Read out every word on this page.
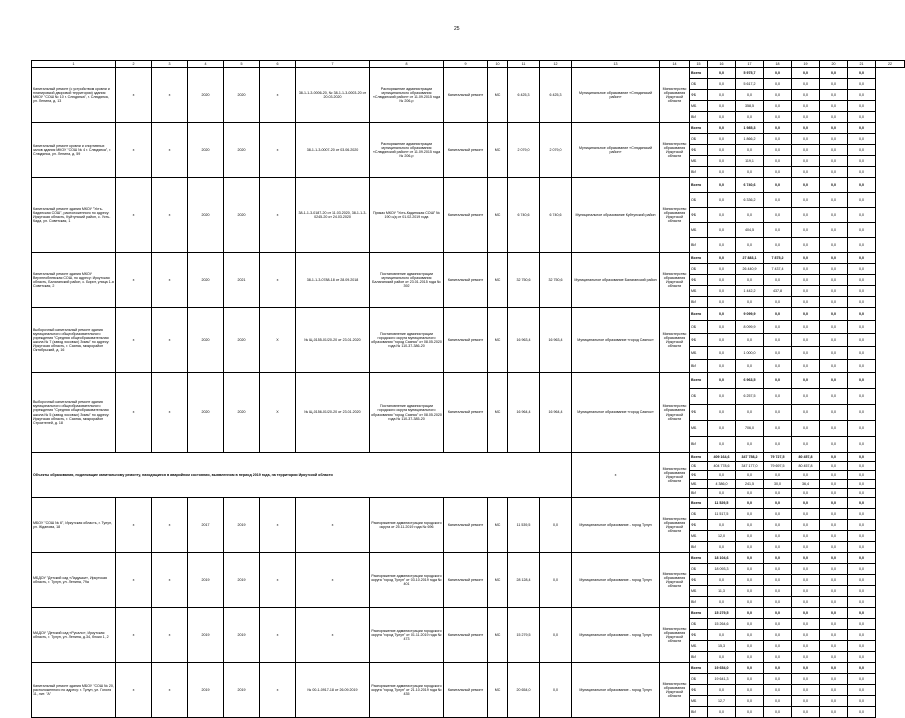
25
1	2	3	4	5	6	7	8	9	10	11	12	13	14	15	16	17	18	19	20	21	22
Капитальный ремонт (с устройством кровли и планировкой дворовой территории) здания МКОУ "СОШ № 10 г. Слюдянка", г. Слюдянка, ул. Ленина, д. 13	x	x	2020	2020	x	38-1-1-3-0006-20, № 38-1-1-3-0003-20 от 20.03.2020	Распоряжение администрации муниципального образования «Слюдянский район» от 11.09.2015 года № 206-р	Капитальный ремонт	МС	6 425,3	6 425,3	Муниципальное образование «Слюдянский район»	Министерство образования Иркутской области	Всего	0,0	5 975,7	0,0	0,0	0,0	0,0	
														ОБ	0,0	5 617,2	0,0	0,0	0,0	0,0	
														ФБ	0,0	0,0	0,0	0,0	0,0	0,0	
														МБ	0,0	358,5	0,0	0,0	0,0	0,0	
														ВИ	0,0	0,0	0,0	0,0	0,0	0,0	
Капитальный ремонт кровли и спортивных залов здания МКОУ "СОШ № 4 г. Слюдянка", г. Слюдянка, ул. Ленина, д. 59	x	x	2020	2020	x	38-1-1-3-0007-20 от 03.06.2020	Распоряжение администрации муниципального образования «Слюдянский район» от 11.09.2015 года № 206-р	Капитальный ремонт	МС	2 079,0	2 079,0	Муниципальное образование «Слюдянский район»	Министерство образования Иркутской области	Всего	0,0	1 985,3	0,0	0,0	0,0	0,0	
														ОБ	0,0	1 866,2	0,0	0,0	0,0	0,0	
														ФБ	0,0	0,0	0,0	0,0	0,0	0,0	
														МБ	0,0	119,1	0,0	0,0	0,0	0,0	
														ВИ	0,0	0,0	0,0	0,0	0,0	0,0	
Капитальный ремонт здания МКОУ "Усть-Кадинская СОШ", расположенного по адресу: Иркутская область, Куйтунский район, с. Усть-Када, ул. Советская, 1	x	x	2020	2020	x	38-1-1-3-0187-20 от 11.03.2020, 38-1-1-3-0245-20 от 24.03.2020	Приказ МКОУ "Усть-Кадинская СОШ" № 190 о/д от 01.02.2019 года	Капитальный ремонт	МС	6 740,6	6 740,6	Муниципальное образование Куйтунский район	Министерство образования Иркутской области	Всего	0,0	6 740,6	0,0	0,0	0,0	0,0	
														ОБ	0,0	6 336,2	0,0	0,0	0,0	0,0	
														ФБ	0,0	0,0	0,0	0,0	0,0	0,0	
														МБ	0,0	404,5	0,0	0,0	0,0	0,0	
														ВИ	0,0	0,0	0,0	0,0	0,0	0,0	
Капитальный ремонт здания МКОУ Верхнеоблевская СОШ, по адресу: Иркутская область, Балаганский район, с. Бирит, улица 1-я Советская, 2	x	x	2020	2021	x	38-1-1-3-0788-18 от 28.09.2018	Постановление администрации муниципального образования Балаганский район от 23.01.2015 года № 392	Капитальный ремонт	МС	32 750,6	32 750,6	Муниципальное образование Балаганский район	Министерство образования Иркутской области	Всего	0,0	27 883,1	7 875,2	0,0	0,0	0,0	
														ОБ	0,0	26 440,9	7 437,4	0,0	0,0	0,0	
														ФБ	0,0	0,0	0,0	0,0	0,0	0,0	
														МБ	0,0	1 442,2	437,8	0,0	0,0	0,0	
														ВИ	0,0	0,0	0,0	0,0	0,0	0,0	
Выборочный капитальный ремонт здания муниципального общеобразовательного учреждения "Средняя общеобразовательная школа № 7 (завод эосовых) Зимы" по адресу: Иркутская область, г. Саянск, микрорайон Октябрьский, д. 16	x	x	2020	2020	X	№ Щ-0155-01/20-20 от 23.01.2020	Постановление администрации городского округа муниципального образования "город Саянск" от 08.05.2020 года № 110-37-386-20	Капитальный ремонт	МС	16 963,4	16 963,4	Муниципальное образование «город Саянск»	Министерство образования Иркутской области	Всего	0,0	9 099,9	0,0	0,0	0,0	0,0	
														ОБ	0,0	8 099,9	0,0	0,0	0,0	0,0	
														ФБ	0,0	0,0	0,0	0,0	0,0	0,0	
														МБ	0,0	1 000,0	0,0	0,0	0,0	0,0	
														ВИ	0,0	0,0	0,0	0,0	0,0	0,0	
Выборочный капитальный ремонт здания муниципального общеобразовательного учреждения "Средняя общеобразовательная школа № 5 (завод эосовых) Зимы" по адресу: Иркутская область, г. Саянск, микрорайон Строителей, д. 18	x	x	2020	2020	X	№ Щ-0156-01/20-20 от 23.01.2020	Постановление администрации городского округа муниципального образования "город Саянск" от 08.05.2020 года № 110-37-385-20	Капитальный ремонт	МС	16 964,4	16 964,4	Муниципальное образование «город Саянск»	Министерство образования Иркутской области	Всего	0,0	6 963,5	0,0	0,0	0,0	0,0	
														ОБ	0,0	6 257,5	0,0	0,0	0,0	0,0	
														ФБ	0,0	0,0	0,0	0,0	0,0	0,0	
														МБ	0,0	706,0	0,0	0,0	0,0	0,0	
														ВИ	0,0	0,0	0,0	0,0	0,0	0,0	
Объекты образования, подлежащие капитальному ремонту, находящиеся в аварийном состоянии, выявленном в период 2019 года, на территории Иркутской области												x	Министерство образования Иркутской области	Всего	409 164,6	347 758,2	79 727,5	80 457,8	0,0	0,0	
														ОБ	404 778,6	347 177,0	79 697,5	80 457,8	0,0	0,0	
														ФБ	0,0	0,0	0,0	0,0	0,0	0,0	
														МБ	4 386,0	241,5	30,0	36,4	0,0	0,0	
														ВИ	0,0	0,0	0,0	0,0	0,0	0,0	
МБОУ "СОШ № 6", Иркутская область, г. Тулун, ул. Жданова, 18	x	x	2017	2019	x	x	Распоряжение администрации городского округа от 25.11.2019 года № 696	Капитальный ремонт	МС	11 539,5	0,0	Муниципальное образование - город Тулун	Министерство образования Иркутской области	Всего	11 529,5	0,0	0,0	0,0	0,0	0,0	
														ОБ	11 517,5	0,0	0,0	0,0	0,0	0,0	
														ФБ	0,0	0,0	0,0	0,0	0,0	0,0	
														МБ	12,0	0,0	0,0	0,0	0,0	0,0	
														ВИ	0,0	0,0	0,0	0,0	0,0	0,0	
МБДОУ "Детский сад «Ладушки», Иркутская область, г. Тулун, ул. Ленина, 79а	x	x	2019	2019	x	x	Распоряжение администрации городского округа "город Тулун" от 03.10.2019 года № 401	Капитальный ремонт	МС	28 128,4	0,0	Муниципальное образование - город Тулун	Министерство образования Иркутской области	Всего	18 104,6	0,0	0,0	0,0	0,0	0,0	
														ОБ	18 093,3	0,0	0,0	0,0	0,0	0,0	
														ФБ	0,0	0,0	0,0	0,0	0,0	0,0	
														МБ	11,3	0,0	0,0	0,0	0,0	0,0	
														ВИ	0,0	0,0	0,0	0,0	0,0	0,0	
МАДОУ "Детский сад «Русало», Иркутская область, г. Тулун, ул. Ленина, д.34, блоки 1, 2	x	x	2019	2019	x	x	Распоряжение администрации городского округа "город Тулун" от 01.11.2019 года № 473	Капитальный ремонт	МС	15 279,5	0,0	Муниципальное образование - город Тулун	Министерство образования Иркутской области	Всего	15 279,5	0,0	0,0	0,0	0,0	0,0	
														ОБ	15 264,6	0,0	0,0	0,0	0,0	0,0	
														ФБ	0,0	0,0	0,0	0,0	0,0	0,0	
														МБ	15,3	0,0	0,0	0,0	0,0	0,0	
														ВИ	0,0	0,0	0,0	0,0	0,0	0,0	
Капитальный ремонт здания МБОУ "СОШ № 20, расположенного по адресу: г. Тулун, ул. Гоголя 11, лит. "А"	x	x	2019	2019	x	№ 00-1-0917-18 от 26.09.2019	Распоряжение администрации городского округа "город Тулун" от 21.10.2019 года № 435	Капитальный ремонт	МС	20 654,0	0,0	Муниципальное образование - город Тулун	Министерство образования Иркутской области	Всего	19 654,0	0,0	0,0	0,0	0,0	0,0	
														ОБ	19 641,3	0,0	0,0	0,0	0,0	0,0	
														ФБ	0,0	0,0	0,0	0,0	0,0	0,0	
														МБ	12,7	0,0	0,0	0,0	0,0	0,0	
														ВИ	0,0	0,0	0,0	0,0	0,0	0,0	
